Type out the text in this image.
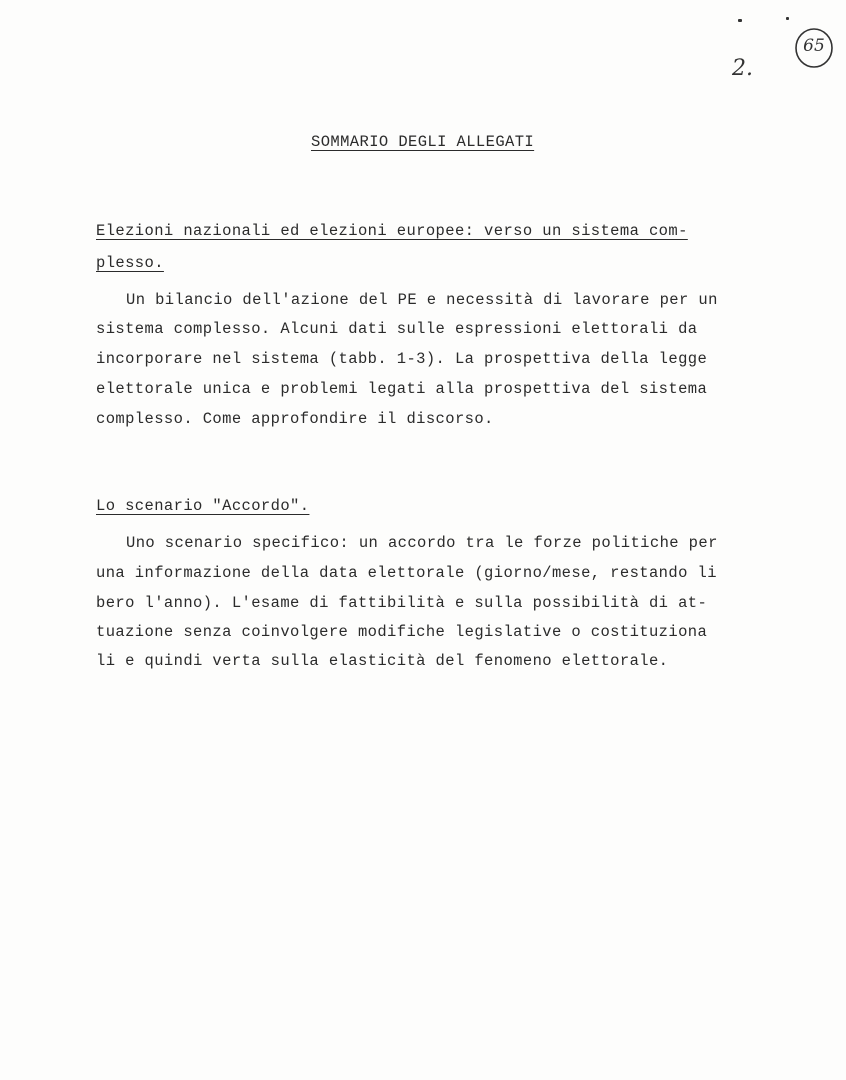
2.
65
SOMMARIO DEGLI ALLEGATI
Elezioni nazionali ed elezioni europee: verso un sistema com-
plesso.
Un bilancio dell'azione del PE e necessità di lavorare per un
sistema complesso. Alcuni dati sulle espressioni elettorali da
incorporare nel sistema (tabb. 1-3). La prospettiva della legge
elettorale unica e problemi legati alla prospettiva del sistema
complesso. Come approfondire il discorso.
Lo scenario "Accordo".
Uno scenario specifico: un accordo tra le forze politiche per
una informazione della data elettorale (giorno/mese, restando li
bero l'anno). L'esame di fattibilità e sulla possibilità di at-
tuazione senza coinvolgere modifiche legislative o costituziona
li e quindi verta sulla elasticità del fenomeno elettorale.
